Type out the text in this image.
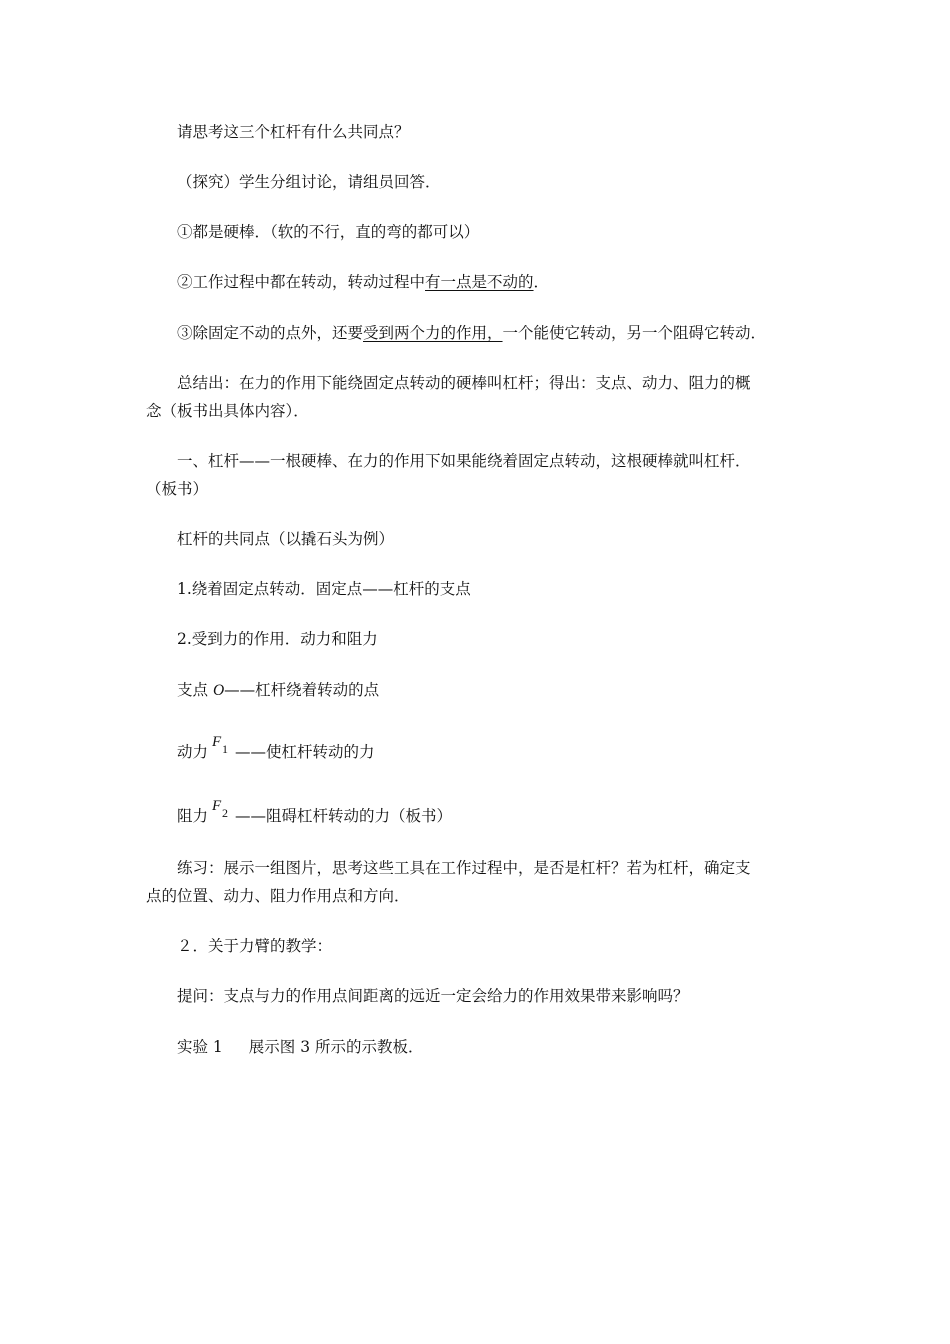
请思考这三个杠杆有什么共同点？
（探究）学生分组讨论，请组员回答．
①都是硬棒．（软的不行，直的弯的都可以）
②工作过程中都在转动，转动过程中有一点是不动的．
③除固定不动的点外，还要受到两个力的作用，一个能使它转动，另一个阻碍它转动．
总结出：在力的作用下能绕固定点转动的硬棒叫杠杆；得出：支点、动力、阻力的概
念（板书出具体内容）．
一、杠杆——一根硬棒、在力的作用下如果能绕着固定点转动，这根硬棒就叫杠杆．
（板书）
杠杆的共同点（以撬石头为例）
1.绕着固定点转动．固定点——杠杆的支点
2.受到力的作用．动力和阻力
支点 O——杠杆绕着转动的点
动力
F 1 ——使杠杆转动的力
阻力
F 2 ——阻碍杠杆转动的力（板书）
练习：展示一组图片，思考这些工具在工作过程中，是否是杠杆？若为杠杆，确定支
点的位置、动力、阻力作用点和方向．
２．关于力臂的教学：
提问：支点与力的作用点间距离的远近一定会给力的作用效果带来影响吗？
实验 1 展示图 3 所示的示教板．
